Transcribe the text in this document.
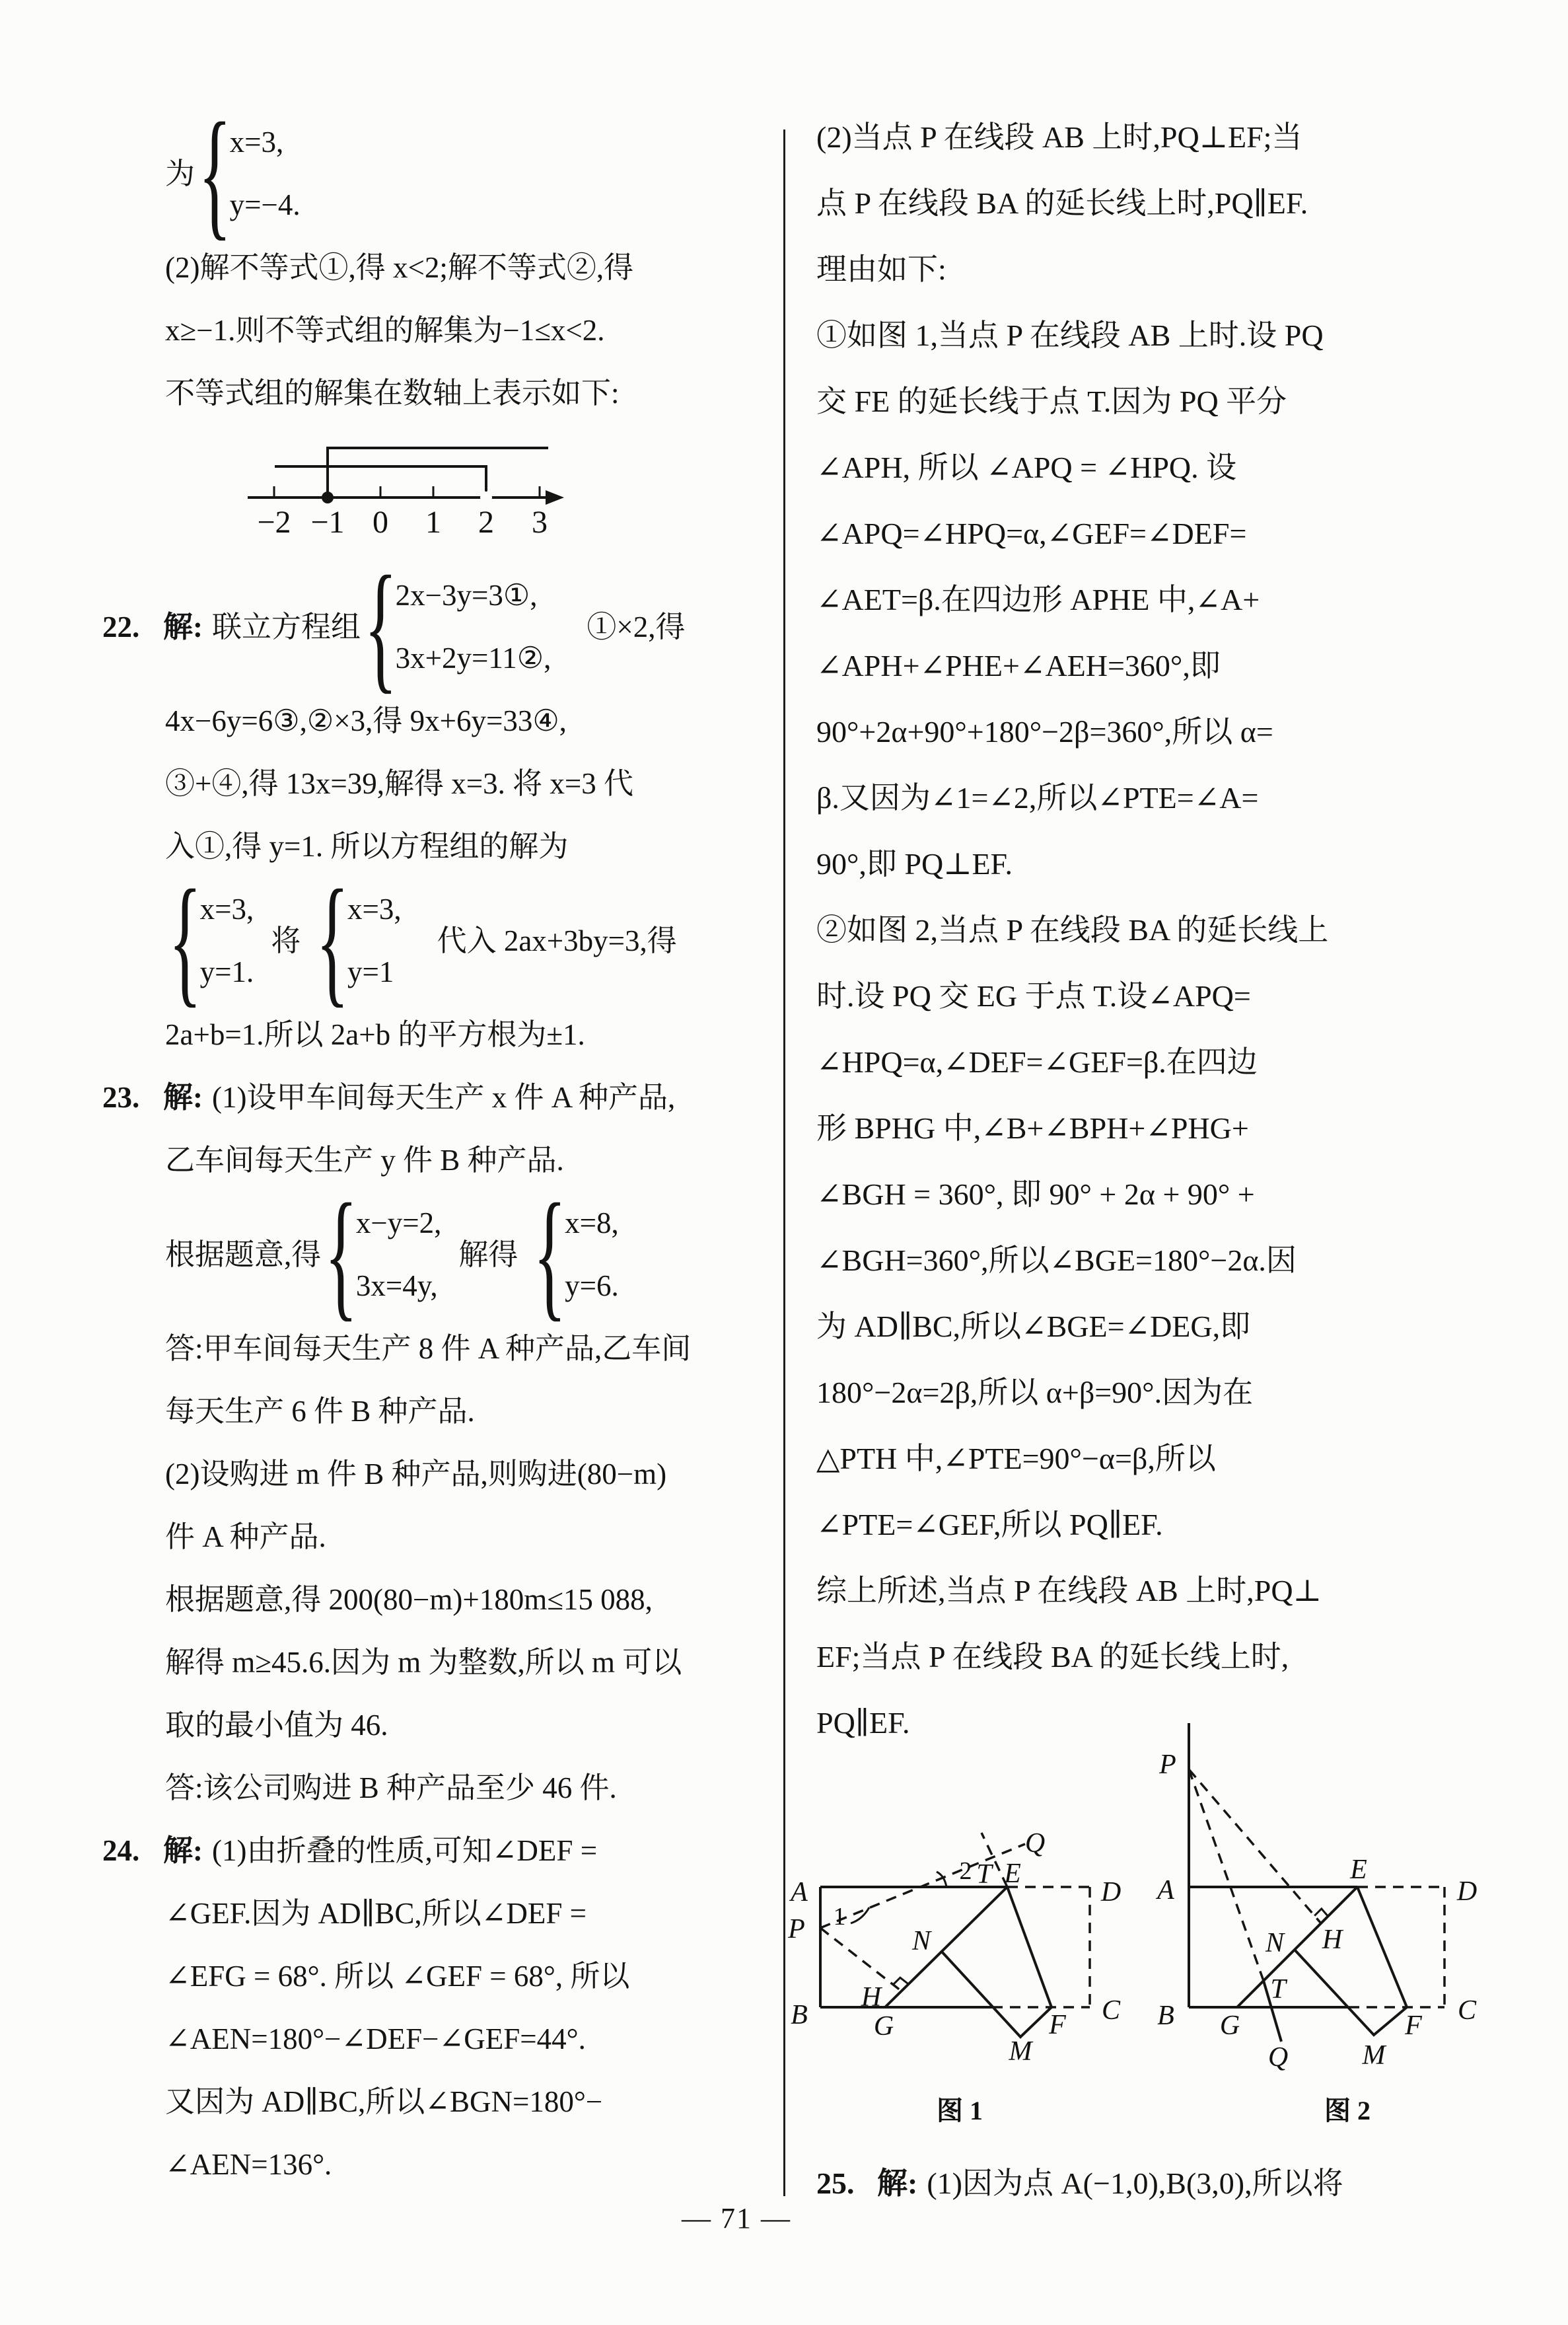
为 {
x=3,
y=−4.
(2)解不等式①,得 x<2;解不等式②,得
x≥−1.则不等式组的解集为−1≤x<2.
不等式组的解集在数轴上表示如下:
−2 −1 0 1 2 3
22. 解: 联立方程组 {
2x−3y=3①,
3x+2y=11②,
①×2,得
4x−6y=6③,②×3,得 9x+6y=33④,
③+④,得 13x=39,解得 x=3. 将 x=3 代
入①,得 y=1. 所以方程组的解为
{
x=3,
y=1.
将 {
x=3,
y=1
代入 2ax+3by=3,得
2a+b=1.所以 2a+b 的平方根为±1.
23. 解: (1)设甲车间每天生产 x 件 A 种产品,
乙车间每天生产 y 件 B 种产品.
根据题意,得 {
x−y=2,
3x=4y,
解得 {
x=8,
y=6.
答:甲车间每天生产 8 件 A 种产品,乙车间
每天生产 6 件 B 种产品.
(2)设购进 m 件 B 种产品,则购进(80−m)
件 A 种产品.
根据题意,得 200(80−m)+180m≤15 088,
解得 m≥45.6.因为 m 为整数,所以 m 可以
取的最小值为 46.
答:该公司购进 B 种产品至少 46 件.
24. 解: (1)由折叠的性质,可知∠DEF =
∠GEF.因为 AD∥BC,所以∠DEF =
∠EFG = 68°. 所以 ∠GEF = 68°, 所以
∠AEN=180°−∠DEF−∠GEF=44°.
又因为 AD∥BC,所以∠BGN=180°−
∠AEN=136°.
(2)当点 P 在线段 AB 上时,PQ⊥EF;当
点 P 在线段 BA 的延长线上时,PQ∥EF.
理由如下:
①如图 1,当点 P 在线段 AB 上时.设 PQ
交 FE 的延长线于点 T.因为 PQ 平分
∠APH, 所以 ∠APQ = ∠HPQ. 设
∠APQ=∠HPQ=α,∠GEF=∠DEF=
∠AET=β.在四边形 APHE 中,∠A+
∠APH+∠PHE+∠AEH=360°,即
90°+2α+90°+180°−2β=360°,所以 α=
β.又因为∠1=∠2,所以∠PTE=∠A=
90°,即 PQ⊥EF.
②如图 2,当点 P 在线段 BA 的延长线上
时.设 PQ 交 EG 于点 T.设∠APQ=
∠HPQ=α,∠DEF=∠GEF=β.在四边
形 BPHG 中,∠B+∠BPH+∠PHG+
∠BGH = 360°, 即 90° + 2α + 90° +
∠BGH=360°,所以∠BGE=180°−2α.因
为 AD∥BC,所以∠BGE=∠DEG,即
180°−2α=2β,所以 α+β=90°.因为在
△PTH 中,∠PTE=90°−α=β,所以
∠PTE=∠GEF,所以 PQ∥EF.
综上所述,当点 P 在线段 AB 上时,PQ⊥
EF;当点 P 在线段 BA 的延长线上时,
PQ∥EF.
A
P
B G
H
N
M
F C
D
E
T
Q
1
2
图 1
P
A
B G
N H
T
Q
E
D
C
F
M
图 2
25. 解: (1)因为点 A(−1,0),B(3,0),所以将
— 71 —
